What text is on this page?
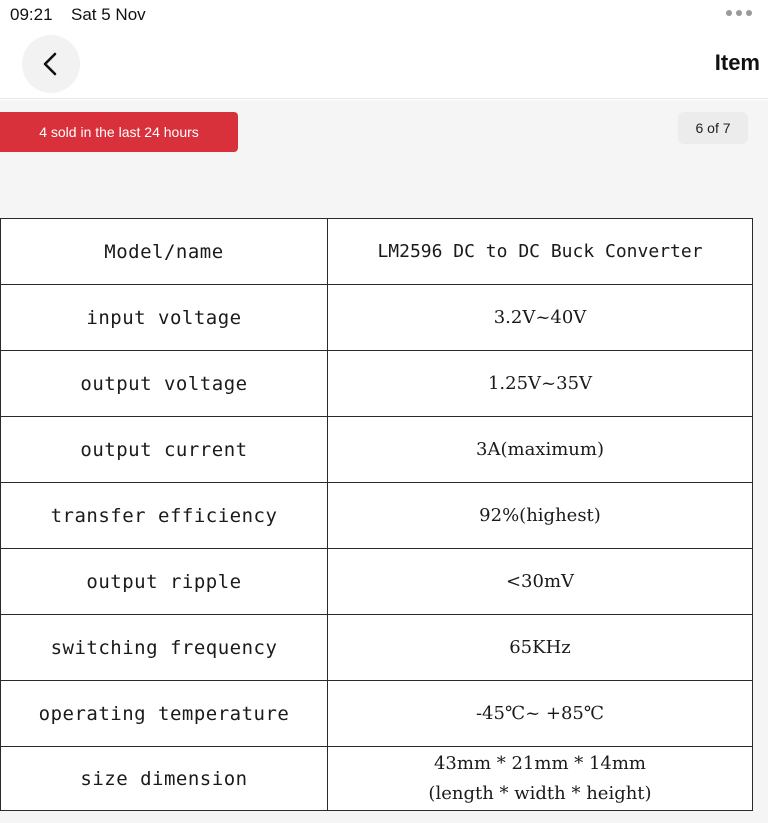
09:21 Sat 5 Nov
Item
4 sold in the last 24 hours	6 of 7
Model/name	LM2596 DC to DC Buck Converter
input voltage	3.2V~40V
output voltage	1.25V~35V
output current	3A(maximum)
transfer efficiency	92%(highest)
output ripple	<30mV
switching frequency	65KHz
operating temperature	-45℃~ +85℃
size dimension	43mm * 21mm * 14mm
(length * width * height)
